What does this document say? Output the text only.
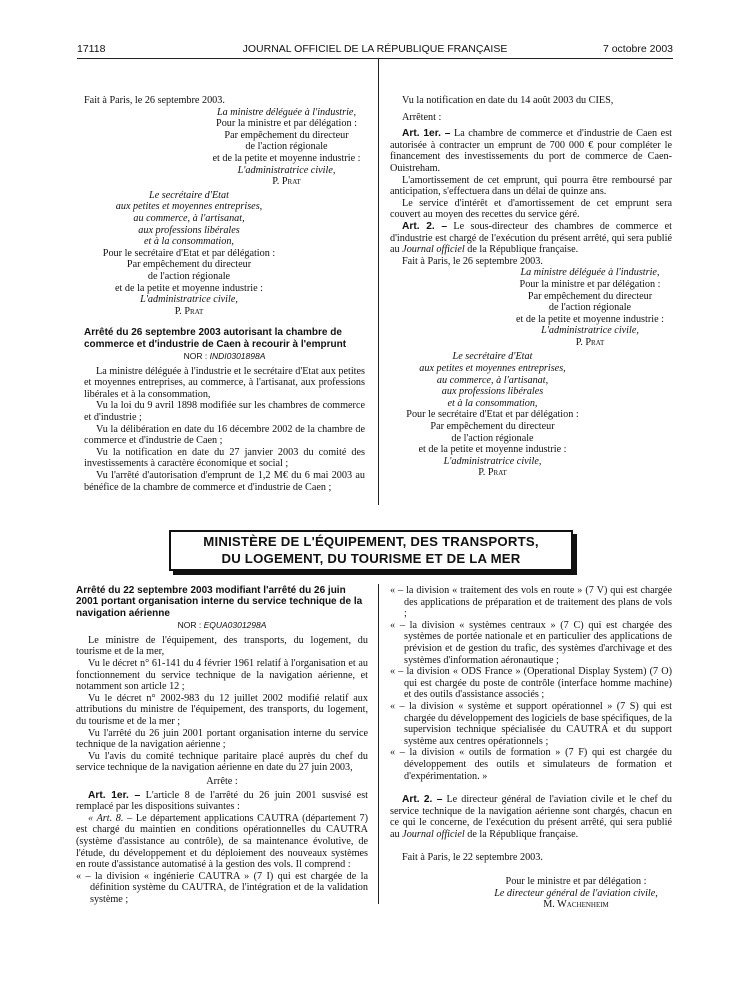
17118	JOURNAL OFFICIEL DE LA RÉPUBLIQUE FRANÇAISE	7 octobre 2003

Fait à Paris, le 26 septembre 2003.

La ministre déléguée à l'industrie,

Pour la ministre et par délégation :

Par empêchement du directeur

de l'action régionale

et de la petite et moyenne industrie :

L'administratrice civile,

P. Prat

Le secrétaire d'Etat

aux petites et moyennes entreprises,

au commerce, à l'artisanat,

aux professions libérales

et à la consommation,

Pour le secrétaire d'Etat et par délégation :

Par empêchement du directeur

de l'action régionale

et de la petite et moyenne industrie :

L'administratrice civile,

P. Prat

Arrêté du 26 septembre 2003 autorisant la chambre de commerce et d'industrie de Caen à recourir à l'emprunt

NOR : INDI0301898A

La ministre déléguée à l'industrie et le secrétaire d'Etat aux petites et moyennes entreprises, au commerce, à l'artisanat, aux professions libérales et à la consommation,

Vu la loi du 9 avril 1898 modifiée sur les chambres de commerce et d'industrie ;

Vu la délibération en date du 16 décembre 2002 de la chambre de commerce et d'industrie de Caen ;

Vu la notification en date du 27 janvier 2003 du comité des investissements à caractère économique et social ;

Vu l'arrêté d'autorisation d'emprunt de 1,2 M€ du 6 mai 2003 au bénéfice de la chambre de commerce et d'industrie de Caen ;

Vu la notification en date du 14 août 2003 du CIES,

Arrêtent :

Art. 1er. – La chambre de commerce et d'industrie de Caen est autorisée à contracter un emprunt de 700 000 € pour compléter le financement des investissements du port de commerce de Caen-Ouistreham.

L'amortissement de cet emprunt, qui pourra être remboursé par anticipation, s'effectuera dans un délai de quinze ans.

Le service d'intérêt et d'amortissement de cet emprunt sera couvert au moyen des recettes du service géré.

Art. 2. – Le sous-directeur des chambres de commerce et d'industrie est chargé de l'exécution du présent arrêté, qui sera publié au Journal officiel de la République française.

Fait à Paris, le 26 septembre 2003.

La ministre déléguée à l'industrie,

Pour la ministre et par délégation :

Par empêchement du directeur

de l'action régionale

et de la petite et moyenne industrie :

L'administratrice civile,

P. Prat

Le secrétaire d'Etat

aux petites et moyennes entreprises,

au commerce, à l'artisanat,

aux professions libérales

et à la consommation,

Pour le secrétaire d'Etat et par délégation :

Par empêchement du directeur

de l'action régionale

et de la petite et moyenne industrie :

L'administratrice civile,

P. Prat

MINISTÈRE DE L'ÉQUIPEMENT, DES TRANSPORTS,
DU LOGEMENT, DU TOURISME ET DE LA MER

Arrêté du 22 septembre 2003 modifiant l'arrêté du 26 juin 2001 portant organisation interne du service technique de la navigation aérienne

NOR : EQUA0301298A

Le ministre de l'équipement, des transports, du logement, du tourisme et de la mer,

Vu le décret n° 61-141 du 4 février 1961 relatif à l'organisation et au fonctionnement du service technique de la navigation aérienne, et notamment son article 12 ;

Vu le décret n° 2002-983 du 12 juillet 2002 modifié relatif aux attributions du ministre de l'équipement, des transports, du logement, du tourisme et de la mer ;

Vu l'arrêté du 26 juin 2001 portant organisation interne du service technique de la navigation aérienne ;

Vu l'avis du comité technique paritaire placé auprès du chef du service technique de la navigation aérienne en date du 27 juin 2003,

Arrête :

Art. 1er. – L'article 8 de l'arrêté du 26 juin 2001 susvisé est remplacé par les dispositions suivantes :

« Art. 8. – Le département applications CAUTRA (département 7) est chargé du maintien en conditions opérationnelles du CAUTRA (système d'assistance au contrôle), de sa maintenance évolutive, de l'étude, du développement et du déploiement des nouveaux systèmes en route d'assistance automatisé à la gestion des vols. Il comprend :

« – la division « ingénierie CAUTRA » (7 I) qui est chargée de la définition système du CAUTRA, de l'intégration et de la validation système ;

« – la division « traitement des vols en route » (7 V) qui est chargée des applications de préparation et de traitement des plans de vols ;

« – la division « systèmes centraux » (7 C) qui est chargée des systèmes de portée nationale et en particulier des applications de prévision et de gestion du trafic, des systèmes d'archivage et des systèmes d'information aéronautique ;

« – la division « ODS France » (Operational Display System) (7 O) qui est chargée du poste de contrôle (interface homme machine) et des outils d'assistance associés ;

« – la division « système et support opérationnel » (7 S) qui est chargée du développement des logiciels de base spécifiques, de la supervision technique spécialisée du CAUTRA et du support système aux centres opérationnels ;

« – la division « outils de formation » (7 F) qui est chargée du développement des outils et simulateurs de formation et d'expérimentation. »

Art. 2. – Le directeur général de l'aviation civile et le chef du service technique de la navigation aérienne sont chargés, chacun en ce qui le concerne, de l'exécution du présent arrêté, qui sera publié au Journal officiel de la République française.

Fait à Paris, le 22 septembre 2003.

Pour le ministre et par délégation :

Le directeur général de l'aviation civile,

M. Wachenheim
